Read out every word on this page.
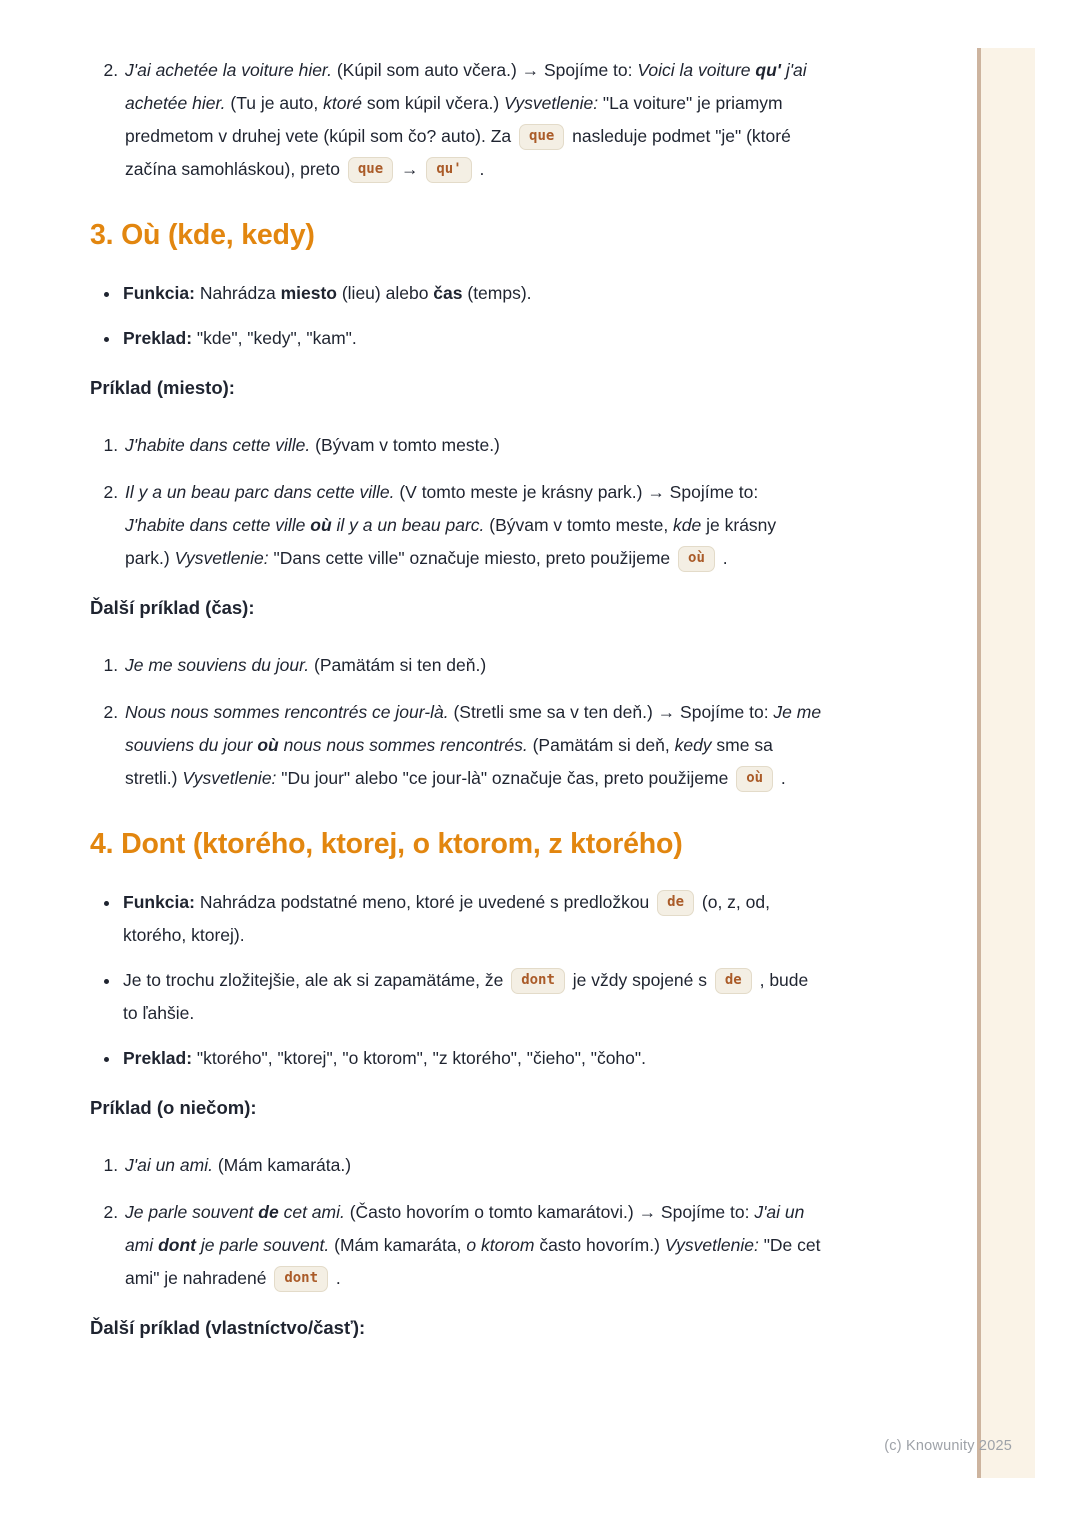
2. J'ai achetée la voiture hier. (Kúpil som auto včera.) → Spojíme to: Voici la voiture qu' j'ai achetée hier. (Tu je auto, ktoré som kúpil včera.) Vysvetlenie: "La voiture" je priamym predmetom v druhej vete (kúpil som čo? auto). Za que nasleduje podmet "je" (ktoré začína samohláskou), preto que → qu' .
3. Où (kde, kedy)
• Funkcia: Nahrádza miesto (lieu) alebo čas (temps).
• Preklad: "kde", "kedy", "kam".

Príklad (miesto):

1. J'habite dans cette ville. (Bývam v tomto meste.)
2. Il y a un beau parc dans cette ville. (V tomto meste je krásny park.) → Spojíme to: J'habite dans cette ville où il y a un beau parc. (Bývam v tomto meste, kde je krásny park.) Vysvetlenie: "Dans cette ville" označuje miesto, preto použijeme où .

Ďalší príklad (čas):

1. Je me souviens du jour. (Pamätám si ten deň.)
2. Nous nous sommes rencontrés ce jour-là. (Stretli sme sa v ten deň.) → Spojíme to: Je me souviens du jour où nous nous sommes rencontrés. (Pamätám si deň, kedy sme sa stretli.) Vysvetlenie: "Du jour" alebo "ce jour-là" označuje čas, preto použijeme où .
4. Dont (ktorého, ktorej, o ktorom, z ktorého)
• Funkcia: Nahrádza podstatné meno, ktoré je uvedené s predložkou de (o, z, od, ktorého, ktorej).
• Je to trochu zložitejšie, ale ak si zapamätáme, že dont je vždy spojené s de , bude to ľahšie.
• Preklad: "ktorého", "ktorej", "o ktorom", "z ktorého", "čieho", "čoho".

Príklad (o niečom):

1. J'ai un ami. (Mám kamaráta.)
2. Je parle souvent de cet ami. (Často hovorím o tomto kamarátovi.) → Spojíme to: J'ai un ami dont je parle souvent. (Mám kamaráta, o ktorom často hovorím.) Vysvetlenie: "De cet ami" je nahradené dont .

Ďalší príklad (vlastníctvo/časť):

(c) Knowunity 2025
